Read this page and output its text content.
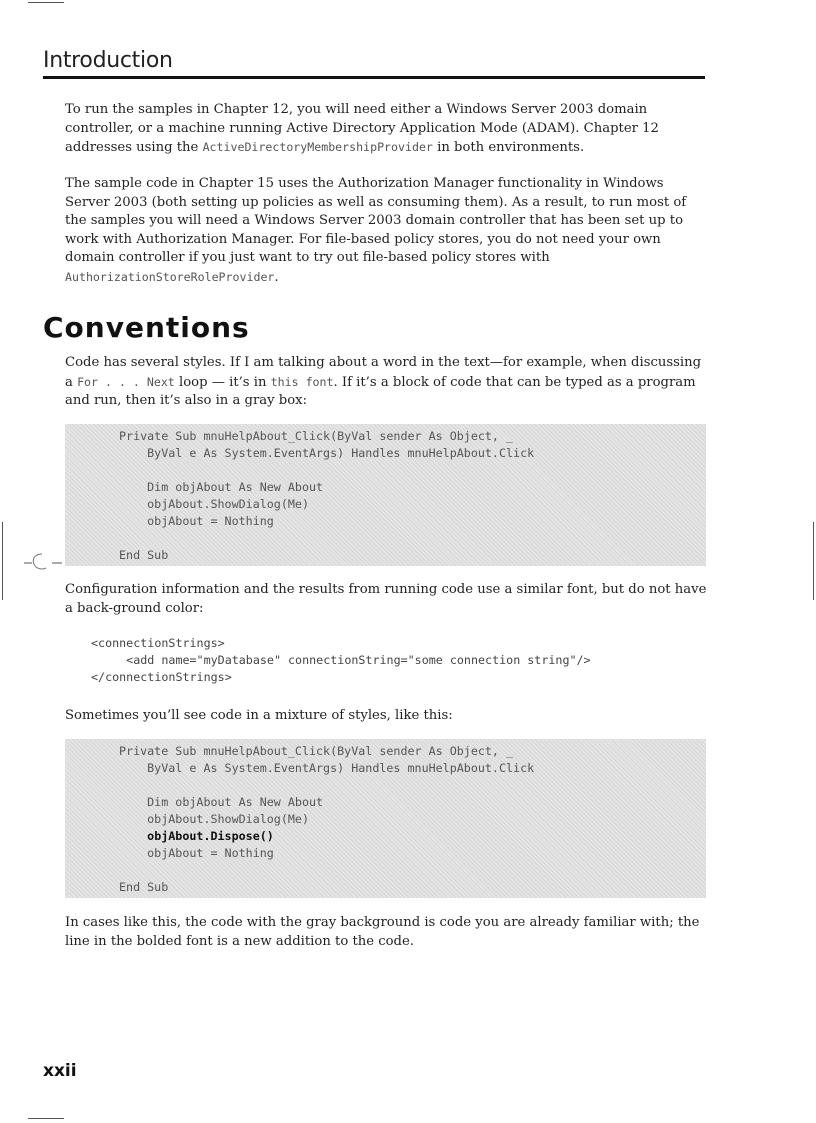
Introduction

To run the samples in Chapter 12, you will need either a Windows Server 2003 domain controller, or a machine running Active Directory Application Mode (ADAM). Chapter 12 addresses using the ActiveDirectoryMembershipProvider in both environments.

The sample code in Chapter 15 uses the Authorization Manager functionality in Windows Server 2003 (both setting up policies as well as consuming them). As a result, to run most of the samples you will need a Windows Server 2003 domain controller that has been set up to work with Authorization Manager. For file-based policy stores, you do not need your own domain controller if you just want to try out file-based policy stores with AuthorizationStoreRoleProvider.

Conventions

Code has several styles. If I am talking about a word in the text—for example, when discussing a For . . . Next loop — it’s in this font. If it’s a block of code that can be typed as a program and run, then it’s also in a gray box:

Private Sub mnuHelpAbout_Click(ByVal sender As Object, _
ByVal e As System.EventArgs) Handles mnuHelpAbout.Click

Dim objAbout As New About
objAbout.ShowDialog(Me)
objAbout = Nothing

End Sub

Configuration information and the results from running code use a similar font, but do not have a back-ground color:

<connectionStrings>
<add name="myDatabase" connectionString="some connection string"/>
</connectionStrings>

Sometimes you’ll see code in a mixture of styles, like this:

Private Sub mnuHelpAbout_Click(ByVal sender As Object, _
ByVal e As System.EventArgs) Handles mnuHelpAbout.Click

Dim objAbout As New About
objAbout.ShowDialog(Me)
objAbout.Dispose()
objAbout = Nothing

End Sub

In cases like this, the code with the gray background is code you are already familiar with; the line in the bolded font is a new addition to the code.

xxii
